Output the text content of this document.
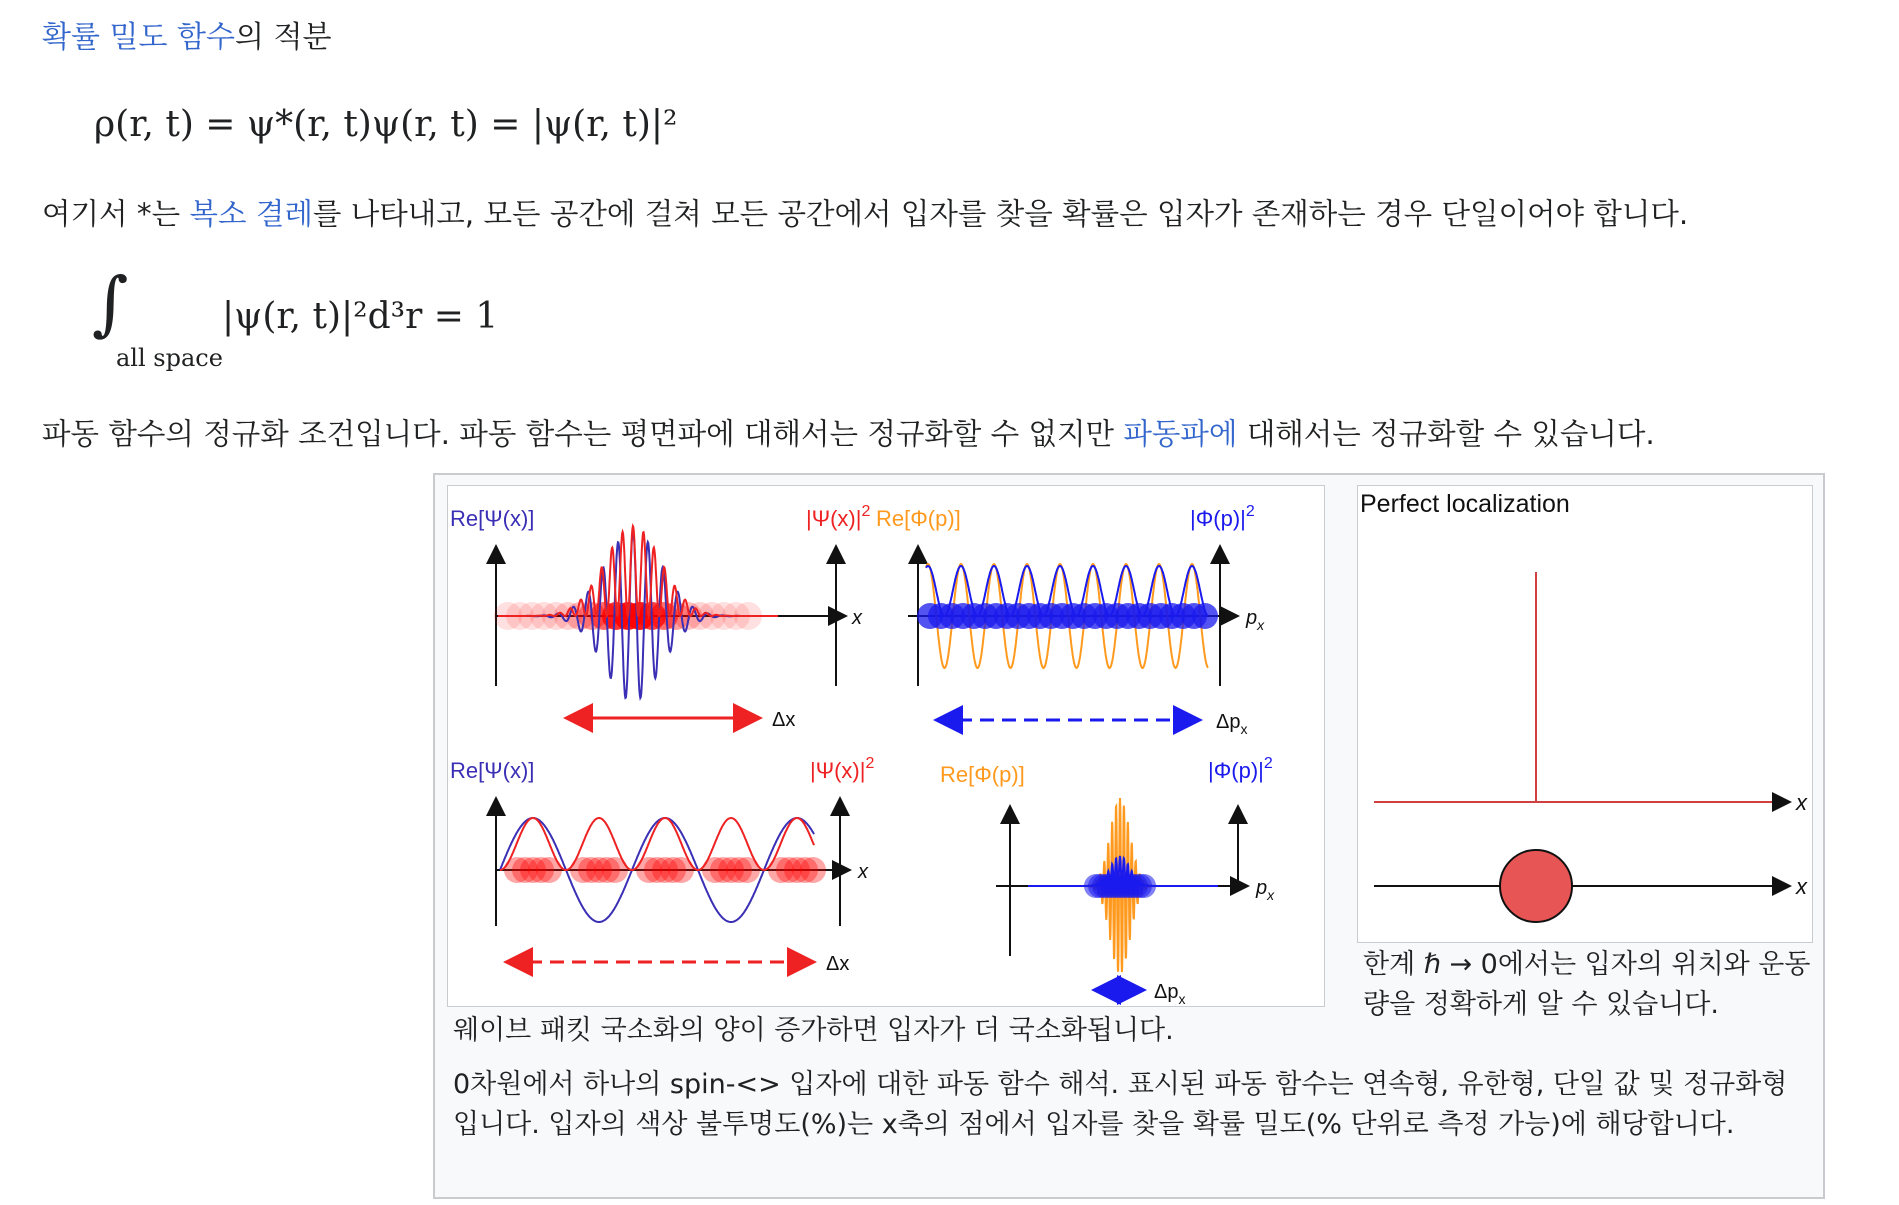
확률 밀도 함수의 적분
ρ(r, t) = ψ*(r, t)ψ(r, t) = |ψ(r, t)|²
여기서 *는 복소 결레를 나타내고, 모든 공간에 걸쳐 모든 공간에서 입자를 찾을 확률은 입자가 존재하는 경우 단일이어야 합니다.
∫
all space
|ψ(r, t)|²d³r = 1
파동 함수의 정규화 조건입니다. 파동 함수는 평면파에 대해서는 정규화할 수 없지만 파동파에 대해서는 정규화할 수 있습니다.
Re[Ψ(x)]	$|\Psi(x)|^2$
x
Δx
Re[Φ(p)]	$|\Phi(p)|^2$
$p_x$
$\Delta p_x$
Re[Ψ(x)]	$|\Psi(x)|^2$
x
Δx
Re[Φ(p)]	$|\Phi(p)|^2$
$p_x$
$\Delta p_x$
웨이브 패킷 국소화의 양이 증가하면 입자가 더 국소화됩니다.
Perfect localization
x
x
한계 ℏ → 0에서는 입자의 위치와 운동량을 정확하게 알 수 있습니다.
0차원에서 하나의 spin-<> 입자에 대한 파동 함수 해석. 표시된 파동 함수는 연속형, 유한형, 단일 값 및 정규화형입니다. 입자의 색상 불투명도(%)는 x축의 점에서 입자를 찾을 확률 밀도(% 단위로 측정 가능)에 해당합니다.
